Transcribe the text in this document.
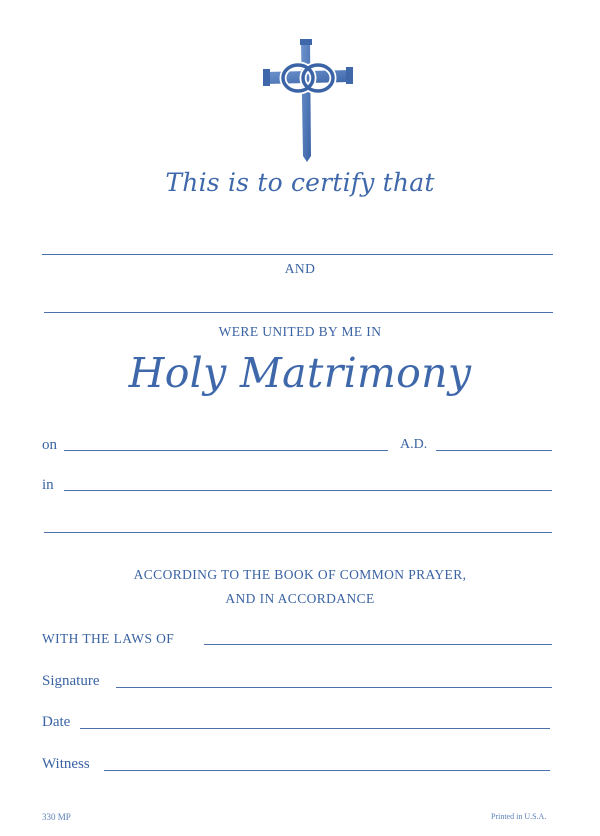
This is to certify that
AND
WERE UNITED BY ME IN
Holy Matrimony
on	A.D.
in
ACCORDING TO THE BOOK OF COMMON PRAYER,
AND IN ACCORDANCE
WITH THE LAWS OF
Signature
Date
Witness
330 MP	Printed in U.S.A.
